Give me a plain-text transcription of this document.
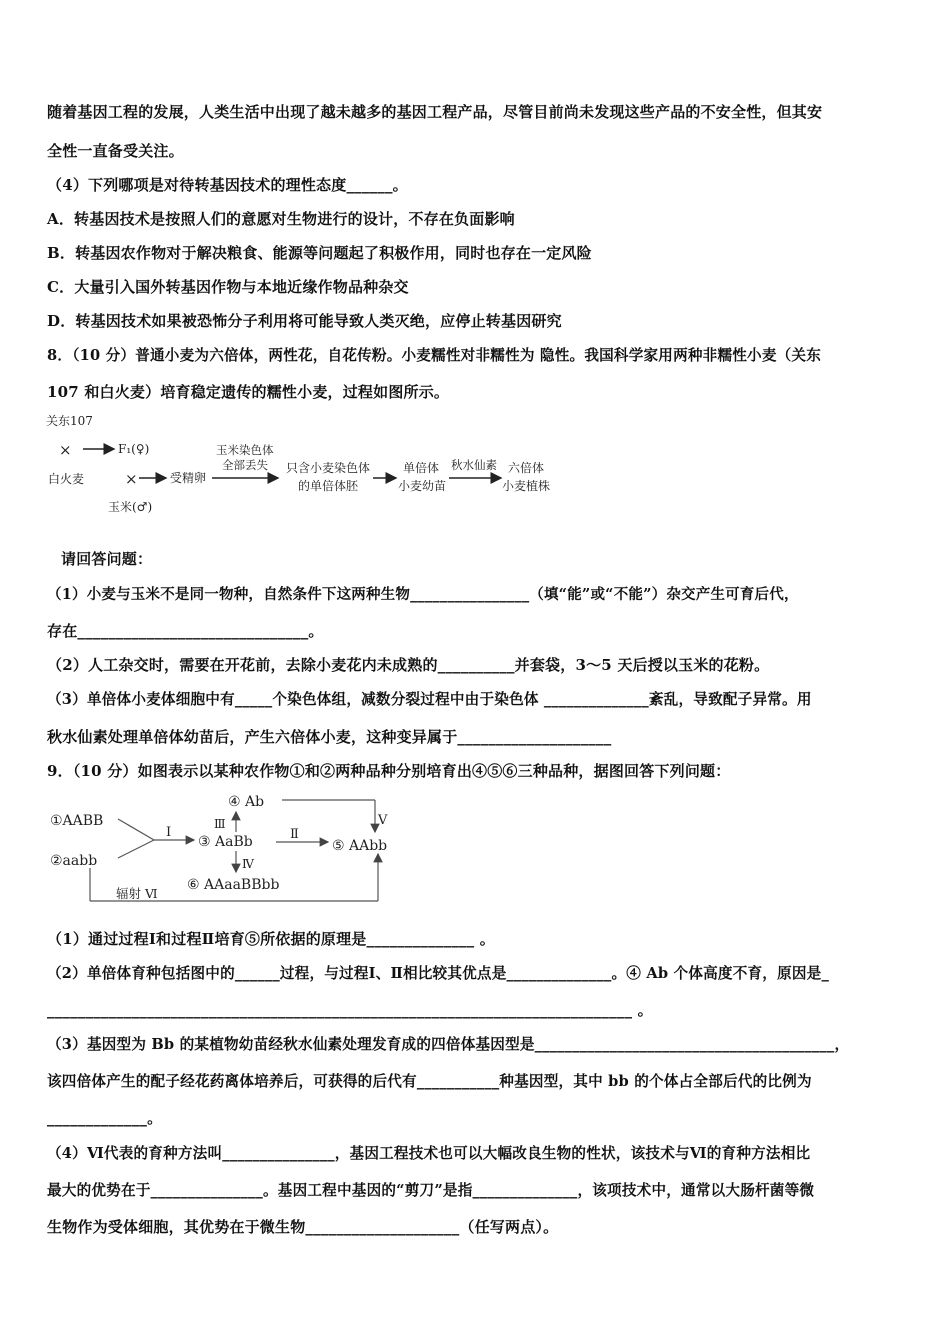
随着基因工程的发展，人类生活中出现了越未越多的基因工程产品，尽管目前尚未发现这些产品的不安全性，但其安
全性一直备受关注。
（4）下列哪项是对待转基因技术的理性态度______。
A．转基因技术是按照人们的意愿对生物进行的设计，不存在负面影响
B．转基因农作物对于解决粮食、能源等问题起了积极作用，同时也存在一定风险
C．大量引入国外转基因作物与本地近缘作物品种杂交
D．转基因技术如果被恐怖分子利用将可能导致人类灭绝，应停止转基因研究
8．（10 分）普通小麦为六倍体，两性花，自花传粉。小麦糯性对非糯性为 隐性。我国科学家用两种非糯性小麦（关东
107 和白火麦）培育稳定遗传的糯性小麦，过程如图所示。
关东107
×	F₁(♀)
白火麦	×	受精卵
玉米(♂)
玉米染色体
全部丢失 只含小麦染色体
的单倍体胚
单倍体
小麦幼苗
秋水仙素 六倍体
小麦植株
请回答问题：
（1）小麦与玉米不是同一物种，自然条件下这两种生物________________（填“能”或“不能”）杂交产生可育后代，
存在______________________________。
（2）人工杂交时，需要在开花前，去除小麦花内未成熟的__________并套袋，3～5 天后授以玉米的花粉。
（3）单倍体小麦体细胞中有_____个染色体组，减数分裂过程中由于染色体 ______________紊乱，导致配子异常。用
秋水仙素处理单倍体幼苗后，产生六倍体小麦，这种变异属于____________________
9．（10 分）如图表示以某种农作物①和②两种品种分别培育出④⑤⑥三种品种，据图回答下列问题：
①AABB
②aabb
Ⅰ
③ AaBb
Ⅲ
④ Ab
Ⅴ
Ⅱ
⑤ AAbb
Ⅳ
⑥ AAaaBBbb
辐射 Ⅵ
（1）通过过程Ⅰ和过程Ⅱ培育⑤所依据的原理是______________ 。
（2）单倍体育种包括图中的______过程，与过程Ⅰ、Ⅱ相比较其优点是______________。④ Ab 个体高度不育，原因是_
____________________________________________________________________________ 。
（3）基因型为 Bb 的某植物幼苗经秋水仙素处理发育成的四倍体基因型是________________________________________，
该四倍体产生的配子经花药离体培养后，可获得的后代有___________种基因型，其中 bb 的个体占全部后代的比例为
_____________。
（4）Ⅵ代表的育种方法叫_______________，基因工程技术也可以大幅改良生物的性状，该技术与Ⅵ的育种方法相比
最大的优势在于_______________。基因工程中基因的“剪刀”是指______________，该项技术中，通常以大肠杆菌等微
生物作为受体细胞，其优势在于微生物____________________（任写两点）。
